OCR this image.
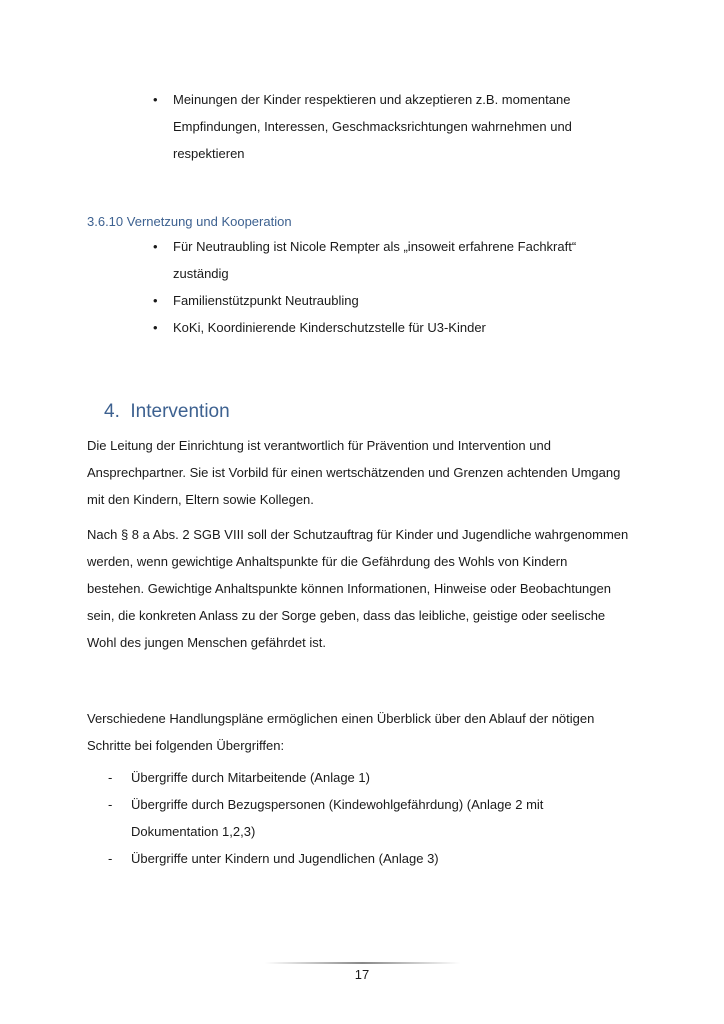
• Meinungen der Kinder respektieren und akzeptieren z.B. momentane
Empfindungen, Interessen, Geschmacksrichtungen wahrnehmen und
respektieren
3.6.10 Vernetzung und Kooperation
• Für Neutraubling ist Nicole Rempter als „insoweit erfahrene Fachkraft“
zuständig
• Familienstützpunkt Neutraubling
• KoKi, Koordinierende Kinderschutzstelle für U3-Kinder
4.  Intervention
Die Leitung der Einrichtung ist verantwortlich für Prävention und Intervention und
Ansprechpartner. Sie ist Vorbild für einen wertschätzenden und Grenzen achtenden Umgang
mit den Kindern, Eltern sowie Kollegen.
Nach § 8 a Abs. 2 SGB VIII soll der Schutzauftrag für Kinder und Jugendliche wahrgenommen
werden, wenn gewichtige Anhaltspunkte für die Gefährdung des Wohls von Kindern
bestehen. Gewichtige Anhaltspunkte können Informationen, Hinweise oder Beobachtungen
sein, die konkreten Anlass zu der Sorge geben, dass das leibliche, geistige oder seelische
Wohl des jungen Menschen gefährdet ist.
Verschiedene Handlungspläne ermöglichen einen Überblick über den Ablauf der nötigen
Schritte bei folgenden Übergriffen:
- Übergriffe durch Mitarbeitende (Anlage 1)
- Übergriffe durch Bezugspersonen (Kindewohlgefährdung) (Anlage 2 mit
Dokumentation 1,2,3)
- Übergriffe unter Kindern und Jugendlichen (Anlage 3)
17
